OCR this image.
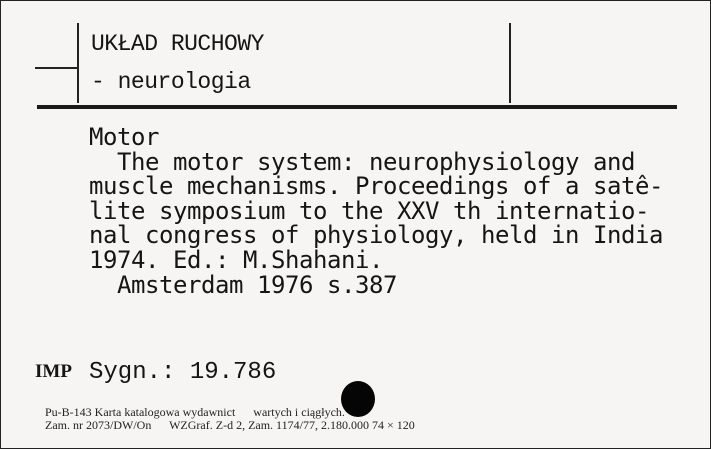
UKŁAD RUCHOWY
- neurologia
Motor
The motor system: neurophysiology and
muscle mechanisms. Proceedings of a satê-
lite symposium to the XXV th internatio-
nal congress of physiology, held in India
1974. Ed.: M.Shahani.
Amsterdam 1976 s.387
IMP Sygn.: 19.786
Pu-B-143 Karta katalogowa wydawnict      wartych i ciągłych.
Zam. nr 2073/DW/On      WZGraf. Z-d 2, Zam. 1174/77, 2.180.000 74 × 120
